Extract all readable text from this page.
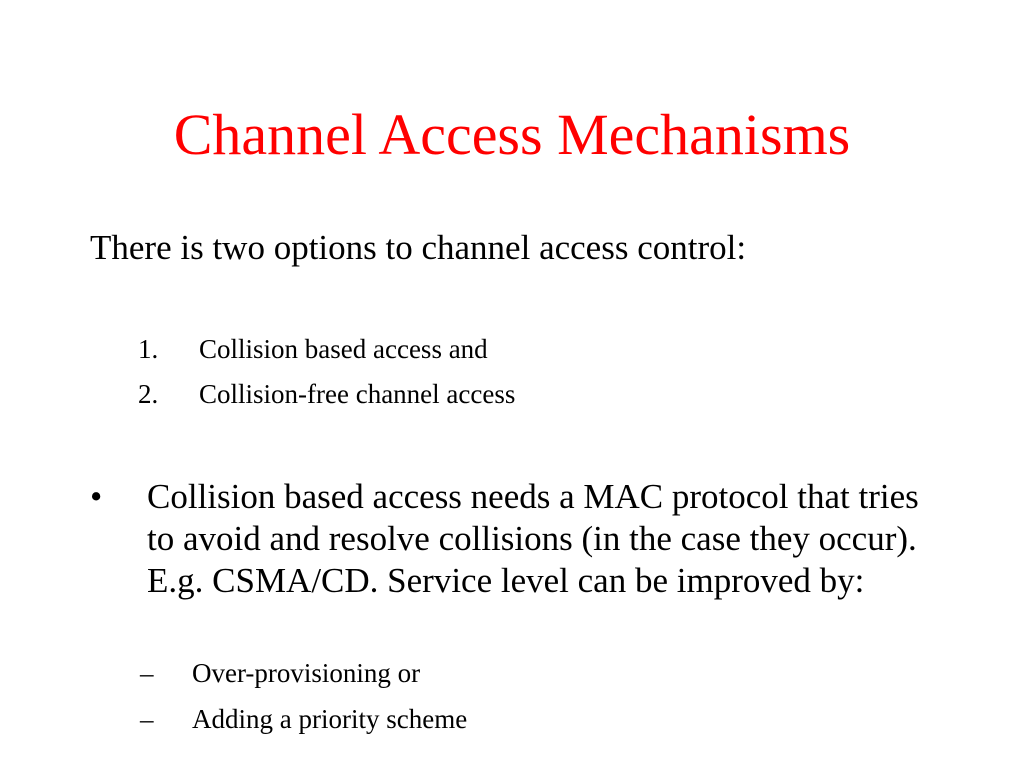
Channel Access Mechanisms
There is two options to channel access control:
1. Collision based access and
2. Collision-free channel access
• Collision based access needs a MAC protocol that tries to avoid and resolve collisions (in the case they occur). E.g. CSMA/CD. Service level can be improved by:
– Over-provisioning or
– Adding a priority scheme
